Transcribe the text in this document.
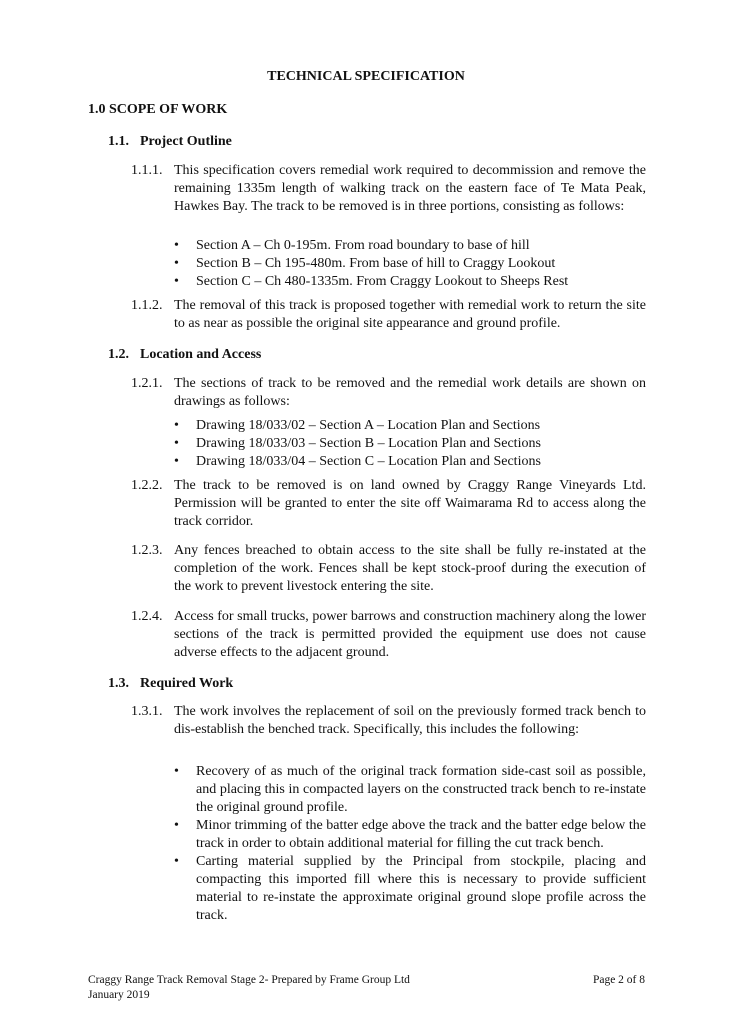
TECHNICAL SPECIFICATION
1.0 SCOPE OF WORK
1.1. Project Outline
1.1.1. This specification covers remedial work required to decommission and remove the remaining 1335m length of walking track on the eastern face of Te Mata Peak, Hawkes Bay. The track to be removed is in three portions, consisting as follows:
• Section A – Ch 0-195m. From road boundary to base of hill
• Section B – Ch 195-480m. From base of hill to Craggy Lookout
• Section C – Ch 480-1335m. From Craggy Lookout to Sheeps Rest
1.1.2. The removal of this track is proposed together with remedial work to return the site to as near as possible the original site appearance and ground profile.
1.2. Location and Access
1.2.1. The sections of track to be removed and the remedial work details are shown on drawings as follows:
• Drawing 18/033/02 – Section A – Location Plan and Sections
• Drawing 18/033/03 – Section B – Location Plan and Sections
• Drawing 18/033/04 – Section C – Location Plan and Sections
1.2.2. The track to be removed is on land owned by Craggy Range Vineyards Ltd. Permission will be granted to enter the site off Waimarama Rd to access along the track corridor.
1.2.3. Any fences breached to obtain access to the site shall be fully re-instated at the completion of the work. Fences shall be kept stock-proof during the execution of the work to prevent livestock entering the site.
1.2.4. Access for small trucks, power barrows and construction machinery along the lower sections of the track is permitted provided the equipment use does not cause adverse effects to the adjacent ground.
1.3. Required Work
1.3.1. The work involves the replacement of soil on the previously formed track bench to dis-establish the benched track. Specifically, this includes the following:
• Recovery of as much of the original track formation side-cast soil as possible, and placing this in compacted layers on the constructed track bench to re-instate the original ground profile.
• Minor trimming of the batter edge above the track and the batter edge below the track in order to obtain additional material for filling the cut track bench.
• Carting material supplied by the Principal from stockpile, placing and compacting this imported fill where this is necessary to provide sufficient material to re-instate the approximate original ground slope profile across the track.
Craggy Range Track Removal Stage 2- Prepared by Frame Group Ltd
January 2019
Page 2 of 8
